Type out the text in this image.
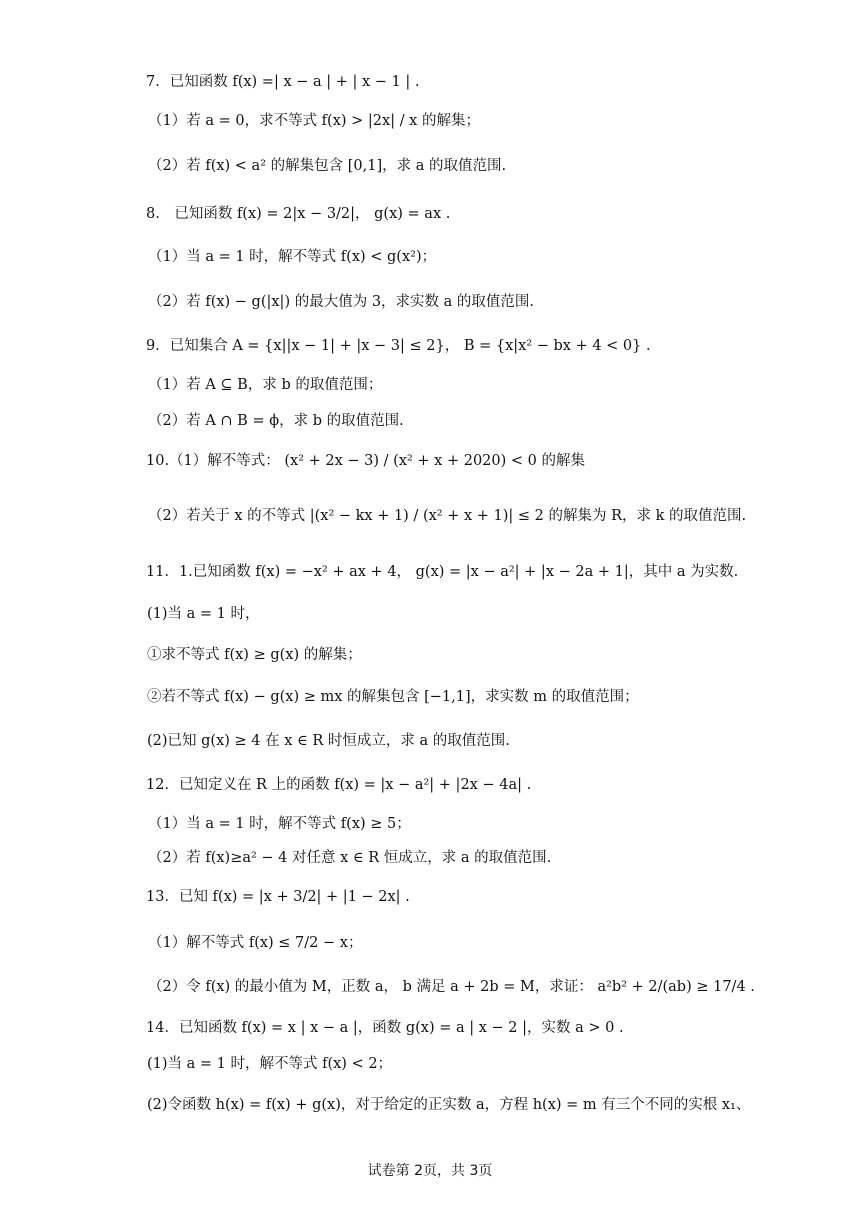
7．已知函数 f(x) =| x − a | + | x − 1 | .
（1）若 a = 0，求不等式 f(x) > |2x| / x 的解集；
（2）若 f(x) < a² 的解集包含 [0,1]，求 a 的取值范围.
8.　已知函数 f(x) = 2|x − 3/2|， g(x) = ax .
（1）当 a = 1 时，解不等式 f(x) < g(x²)；
（2）若 f(x) − g(|x|) 的最大值为 3，求实数 a 的取值范围.
9．已知集合 A = {x||x − 1| + |x − 3| ≤ 2}， B = {x|x² − bx + 4 < 0} .
（1）若 A ⊆ B，求 b 的取值范围；
（2）若 A ∩ B = ϕ，求 b 的取值范围.
10.（1）解不等式： (x² + 2x − 3) / (x² + x + 2020) < 0 的解集
（2）若关于 x 的不等式 |(x² − kx + 1) / (x² + x + 1)| ≤ 2 的解集为 R，求 k 的取值范围.
11．1.已知函数 f(x) = −x² + ax + 4， g(x) = |x − a²| + |x − 2a + 1|，其中 a 为实数.
(1)当 a = 1 时，
①求不等式 f(x) ≥ g(x) 的解集；
②若不等式 f(x) − g(x) ≥ mx 的解集包含 [−1,1]，求实数 m 的取值范围；
(2)已知 g(x) ≥ 4 在 x ∈ R 时恒成立，求 a 的取值范围.
12．已知定义在 R 上的函数 f(x) = |x − a²| + |2x − 4a| .
（1）当 a = 1 时，解不等式 f(x) ≥ 5；
（2）若 f(x)≥a² − 4 对任意 x ∈ R 恒成立，求 a 的取值范围.
13．已知 f(x) = |x + 3/2| + |1 − 2x| .
（1）解不等式 f(x) ≤ 7/2 − x；
（2）令 f(x) 的最小值为 M，正数 a， b 满足 a + 2b = M，求证： a²b² + 2/(ab) ≥ 17/4 .
14．已知函数 f(x) = x | x − a |，函数 g(x) = a | x − 2 |，实数 a > 0 .
(1)当 a = 1 时，解不等式 f(x) < 2；
(2)令函数 h(x) = f(x) + g(x)，对于给定的正实数 a，方程 h(x) = m 有三个不同的实根 x₁、
试卷第 2页，共 3页
